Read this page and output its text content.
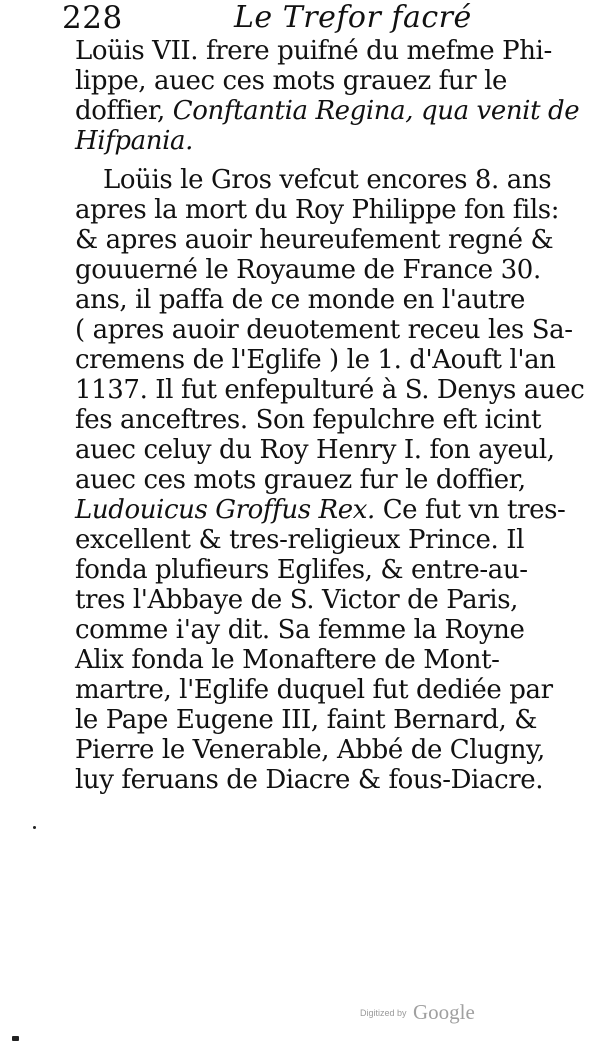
228	Le Trefor facré
Loüis VII. frere puifné du mefme Phi-
lippe, auec ces mots grauez fur le
doffier, Conftantia Regina, qua venit de
Hifpania.
Loüis le Gros vefcut encores 8. ans
apres la mort du Roy Philippe fon fils:
& apres auoir heureufement regné &
gouuerné le Royaume de France 30.
ans, il paffa de ce monde en l'autre
( apres auoir deuotement receu les Sa-
cremens de l'Eglife ) le 1. d'Aouft l'an
1137. Il fut enfepulturé à S. Denys auec
fes anceftres. Son fepulchre eft icint
auec celuy du Roy Henry I. fon ayeul,
auec ces mots grauez fur le doffier,
Ludouicus Groffus Rex. Ce fut vn tres-
excellent & tres-religieux Prince. Il
fonda plufieurs Eglifes, & entre-au-
tres l'Abbaye de S. Victor de Paris,
comme i'ay dit. Sa femme la Royne
Alix fonda le Monaftere de Mont-
martre, l'Eglife duquel fut dediée par
le Pape Eugene III, faint Bernard, &
Pierre le Venerable, Abbé de Clugny,
luy feruans de Diacre & fous-Diacre.
Digitized by Google
